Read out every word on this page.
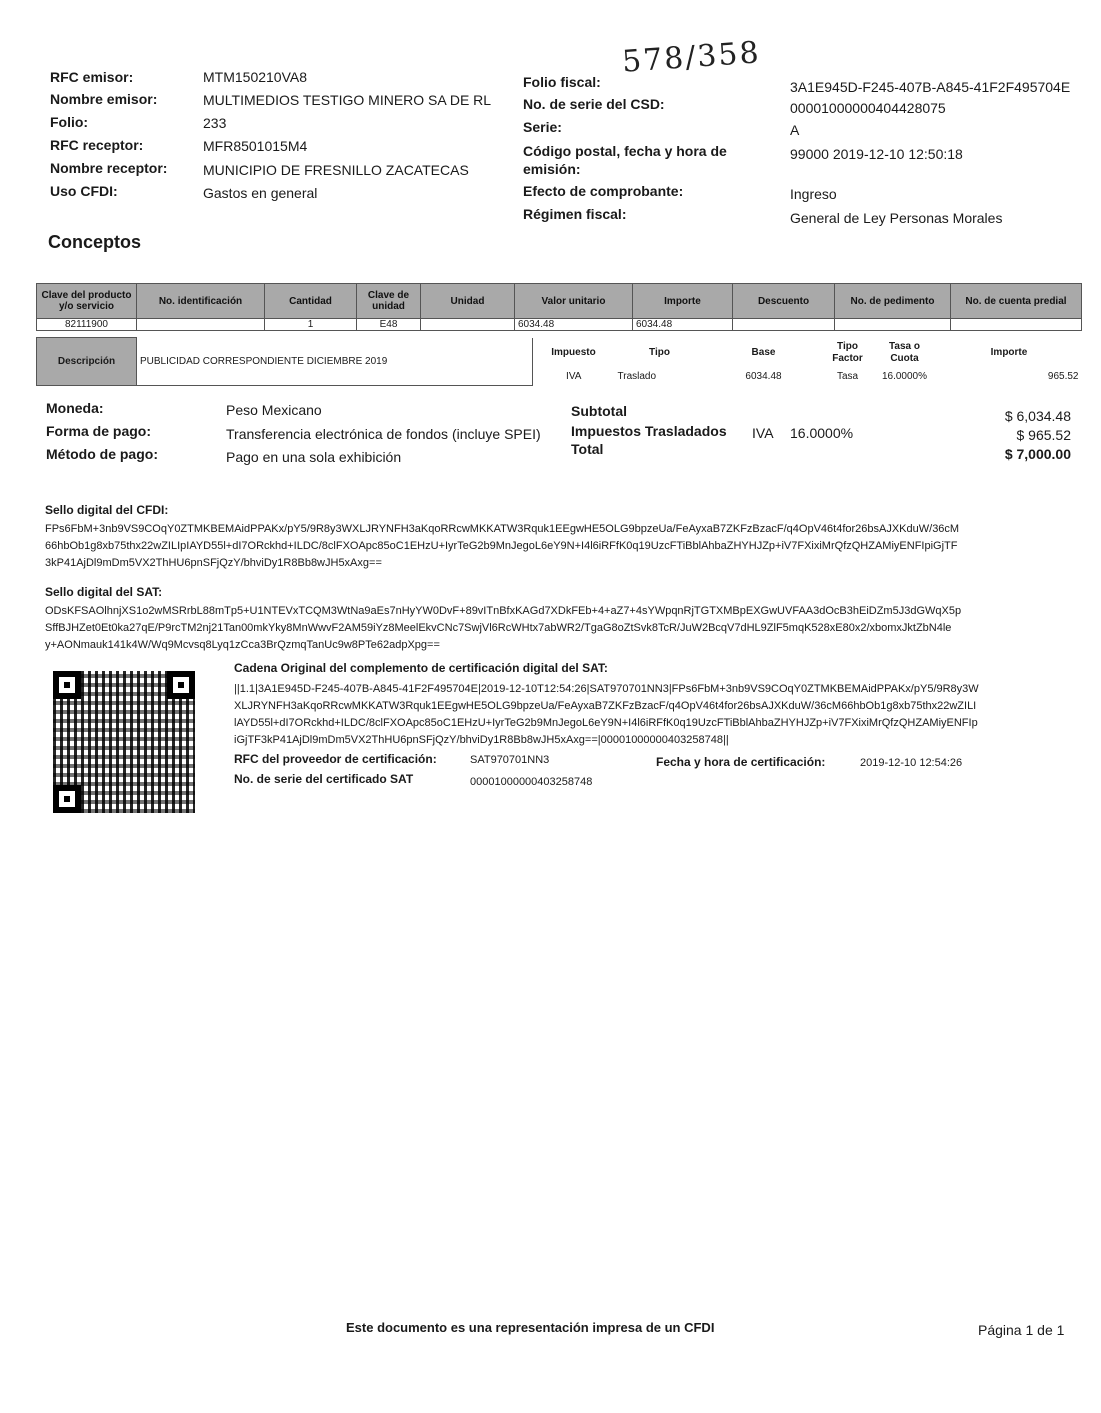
578/358
RFC emisor:	MTM150210VA8
Nombre emisor:	MULTIMEDIOS TESTIGO MINERO SA DE RL
Folio:	233
RFC receptor:	MFR8501015M4
Nombre receptor:	MUNICIPIO DE FRESNILLO ZACATECAS
Uso CFDI:	Gastos en general
Folio fiscal:	3A1E945D-F245-407B-A845-41F2F495704E
No. de serie del CSD:	00001000000404428075
Serie:	A
Código postal, fecha y hora de
emisión:
99000 2019-12-10 12:50:18
Efecto de comprobante:	Ingreso
Régimen fiscal:	General de Ley Personas Morales
Conceptos
Clave del producto y/o servicio	No. identificación	Cantidad	Clave de unidad	Unidad	Valor unitario	Importe	Descuento	No. de pedimento	No. de cuenta predial
82111900		1	E48		6034.48	6034.48			
Descripción	PUBLICIDAD CORRESPONDIENTE DICIEMBRE 2019	Impuesto	Tipo	Base	Tipo Factor	Tasa o Cuota	Importe
		IVA	Traslado	6034.48	Tasa	16.0000%	965.52
Moneda:	Peso Mexicano
Forma de pago:	Transferencia electrónica de fondos (incluye SPEI)
Método de pago:	Pago en una sola exhibición
Subtotal	$ 6,034.48
Impuestos Trasladados IVA 16.0000%	$ 965.52
Total	$ 7,000.00
Sello digital del CFDI:
FPs6FbM+3nb9VS9COqY0ZTMKBEMAidPPAKx/pY5/9R8y3WXLJRYNFH3aKqoRRcwMKKATW3Rquk1EEgwHE5OLG9bpzeUa/FeAyxaB7ZKFzBzacF/q4OpV46t4for26bsAJXKduW/36cM
66hbOb1g8xb75thx22wZILIpIAYD55l+dI7ORckhd+ILDC/8clFXOApc85oC1EHzU+IyrTeG2b9MnJegoL6eY9N+I4l6iRFfK0q19UzcFTiBblAhbaZHYHJZp+iV7FXixiMrQfzQHZAMiyENFIpiGjTF
3kP41AjDl9mDm5VX2ThHU6pnSFjQzY/bhviDy1R8Bb8wJH5xAxg==
Sello digital del SAT:
ODsKFSAOlhnjXS1o2wMSRrbL88mTp5+U1NTEVxTCQM3WtNa9aEs7nHyYW0DvF+89vITnBfxKAGd7XDkFEb+4+aZ7+4sYWpqnRjTGTXMBpEXGwUVFAA3dOcB3hEiDZm5J3dGWqX5p
SffBJHZet0Et0ka27qE/P9rcTM2nj21Tan00mkYky8MnWwvF2AM59iYz8MeelEkvCNc7SwjVl6RcWHtx7abWR2/TgaG8oZtSvk8TcR/JuW2BcqV7dHL9ZlF5mqK528xE80x2/xbomxJktZbN4le
y+AONmauk141k4W/Wq9Mcvsq8Lyq1zCca3BrQzmqTanUc9w8PTe62adpXpg==
Cadena Original del complemento de certificación digital del SAT:
||1.1|3A1E945D-F245-407B-A845-41F2F495704E|2019-12-10T12:54:26|SAT970701NN3|FPs6FbM+3nb9VS9COqY0ZTMKBEMAidPPAKx/pY5/9R8y3W
XLJRYNFH3aKqoRRcwMKKATW3Rquk1EEgwHE5OLG9bpzeUa/FeAyxaB7ZKFzBzacF/q4OpV46t4for26bsAJXKduW/36cM66hbOb1g8xb75thx22wZILI
lAYD55l+dI7ORckhd+ILDC/8clFXOApc85oC1EHzU+IyrTeG2b9MnJegoL6eY9N+I4l6iRFfK0q19UzcFTiBblAhbaZHYHJZp+iV7FXixiMrQfzQHZAMiyENFIp
iGjTF3kP41AjDl9mDm5VX2ThHU6pnSFjQzY/bhviDy1R8Bb8wJH5xAxg==|00001000000403258748||
RFC del proveedor de certificación:	SAT970701NN3	Fecha y hora de certificación:	2019-12-10 12:54:26
No. de serie del certificado SAT	00001000000403258748
Este documento es una representación impresa de un CFDI	Página 1 de 1
